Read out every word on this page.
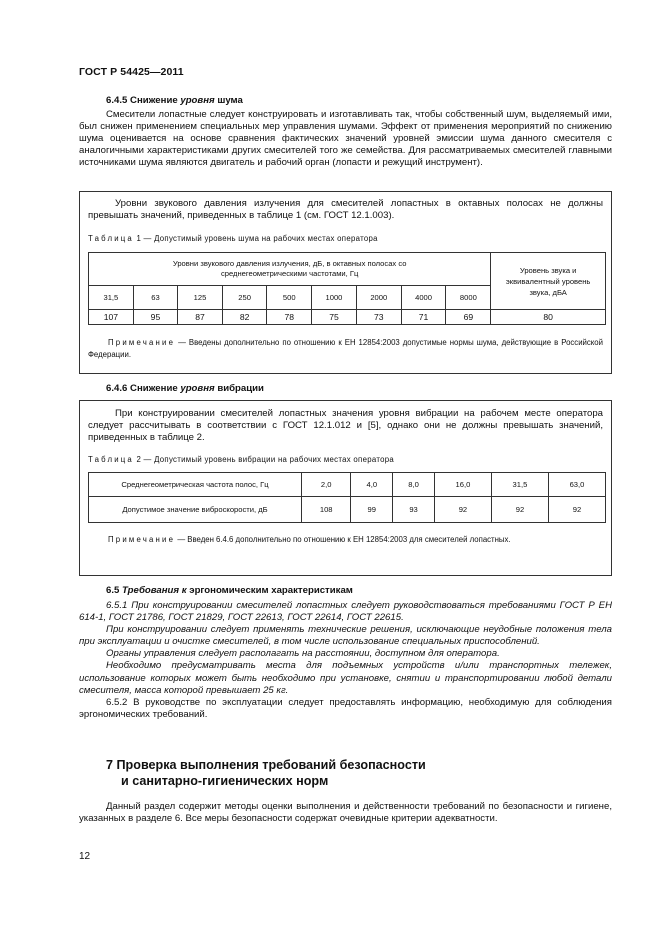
ГОСТ Р 54425—2011
6.4.5 Снижение уровня шума

Смесители лопастные следует конструировать и изготавливать так, чтобы собственный шум, выделяемый ими, был снижен применением специальных мер управления шумами. Эффект от применения мероприятий по снижению шума оценивается на основе сравнения фактических значений уровней эмиссии шума данного смесителя с аналогичными характеристиками других смесителей того же семейства. Для рассматриваемых смесителей главными источниками шума являются двигатель и рабочий орган (лопасти и режущий инструмент).

Уровни звукового давления излучения для смесителей лопастных в октавных полосах не должны превышать значений, приведенных в таблице 1 (см. ГОСТ 12.1.003).

Таблица 1 — Допустимый уровень шума на рабочих местах оператора
Уровни звукового давления излучения, дБ, в октавных полосах со среднегеометрическими частотами, Гц									Уровень звука и эквивалентный уровень звука, дБА
31,5	63	125	250	500	1000	2000	4000	8000	
107	95	87	82	78	75	73	71	69	80
Примечание — Введены дополнительно по отношению к ЕН 12854:2003 допустимые нормы шума, действующие в Российской Федерации.
6.4.6 Снижение уровня вибрации

При конструировании смесителей лопастных значения уровня вибрации на рабочем месте оператора следует рассчитывать в соответствии с ГОСТ 12.1.012 и [5], однако они не должны превышать значений, приведенных в таблице 2.

Таблица 2 — Допустимый уровень вибрации на рабочих местах оператора
Среднегеометрическая частота полос, Гц	2,0	4,0	8,0	16,0	31,5	63,0
Допустимое значение виброскорости, дБ	108	99	93	92	92	92
Примечание — Введен 6.4.6 дополнительно по отношению к ЕН 12854:2003 для смесителей лопастных.
6.5 Требования к эргономическим характеристикам

6.5.1 При конструировании смесителей лопастных следует руководствоваться требованиями ГОСТ Р ЕН 614-1, ГОСТ 21786, ГОСТ 21829, ГОСТ 22613, ГОСТ 22614, ГОСТ 22615.

При конструировании следует применять технические решения, исключающие неудобные положения тела при эксплуатации и очистке смесителей, в том числе использование специальных приспособлений.

Органы управления следует располагать на расстоянии, доступном для оператора.

Необходимо предусматривать места для подъемных устройств и/или транспортных тележек, использование которых может быть необходимо при установке, снятии и транспортировании любой детали смесителя, масса которой превышает 25 кг.

6.5.2 В руководстве по эксплуатации следует предоставлять информацию, необходимую для соблюдения эргономических требований.

7 Проверка выполнения требований безопасности
и санитарно-гигиенических норм

Данный раздел содержит методы оценки выполнения и действенности требований по безопасности и гигиене, указанных в разделе 6. Все меры безопасности содержат очевидные критерии адекватности.

12
